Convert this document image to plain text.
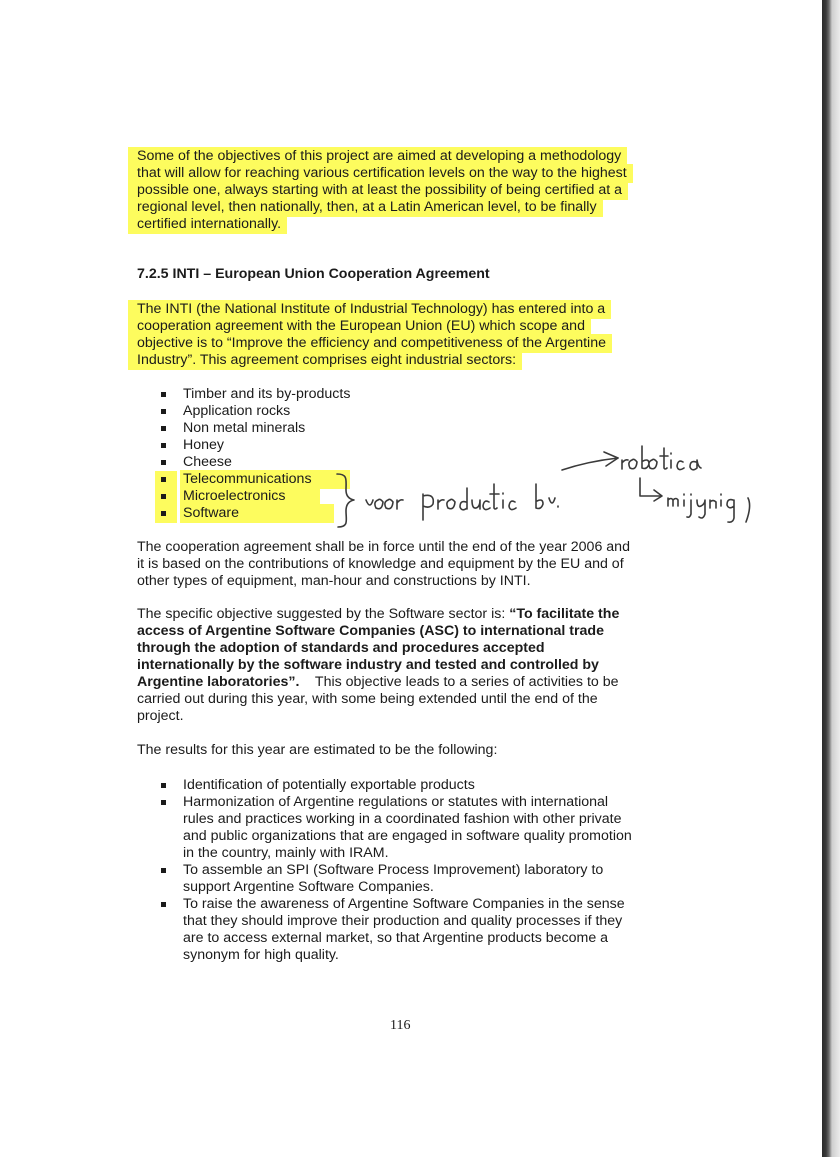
Some of the objectives of this project are aimed at developing a methodology
that will allow for reaching various certification levels on the way to the highest
possible one, always starting with at least the possibility of being certified at a
regional level, then nationally, then, at a Latin American level, to be finally
certified internationally.
7.2.5 INTI – European Union Cooperation Agreement
The INTI (the National Institute of Industrial Technology) has entered into a
cooperation agreement with the European Union (EU) which scope and
objective is to “Improve the efficiency and competitiveness of the Argentine
Industry”. This agreement comprises eight industrial sectors:
Timber and its by-products
Application rocks
Non metal minerals
Honey
Cheese
Telecommunications
Microelectronics
Software
The cooperation agreement shall be in force until the end of the year 2006 and
it is based on the contributions of knowledge and equipment by the EU and of
other types of equipment, man-hour and constructions by INTI.
The specific objective suggested by the Software sector is: “To facilitate the
access of Argentine Software Companies (ASC) to international trade
through the adoption of standards and procedures accepted
internationally by the software industry and tested and controlled by
Argentine laboratories”. This objective leads to a series of activities to be
carried out during this year, with some being extended until the end of the
project.
The results for this year are estimated to be the following:
Identification of potentially exportable products
Harmonization of Argentine regulations or statutes with international
rules and practices working in a coordinated fashion with other private
and public organizations that are engaged in software quality promotion
in the country, mainly with IRAM.
To assemble an SPI (Software Process Improvement) laboratory to
support Argentine Software Companies.
To raise the awareness of Argentine Software Companies in the sense
that they should improve their production and quality processes if they
are to access external market, so that Argentine products become a
synonym for high quality.
116
